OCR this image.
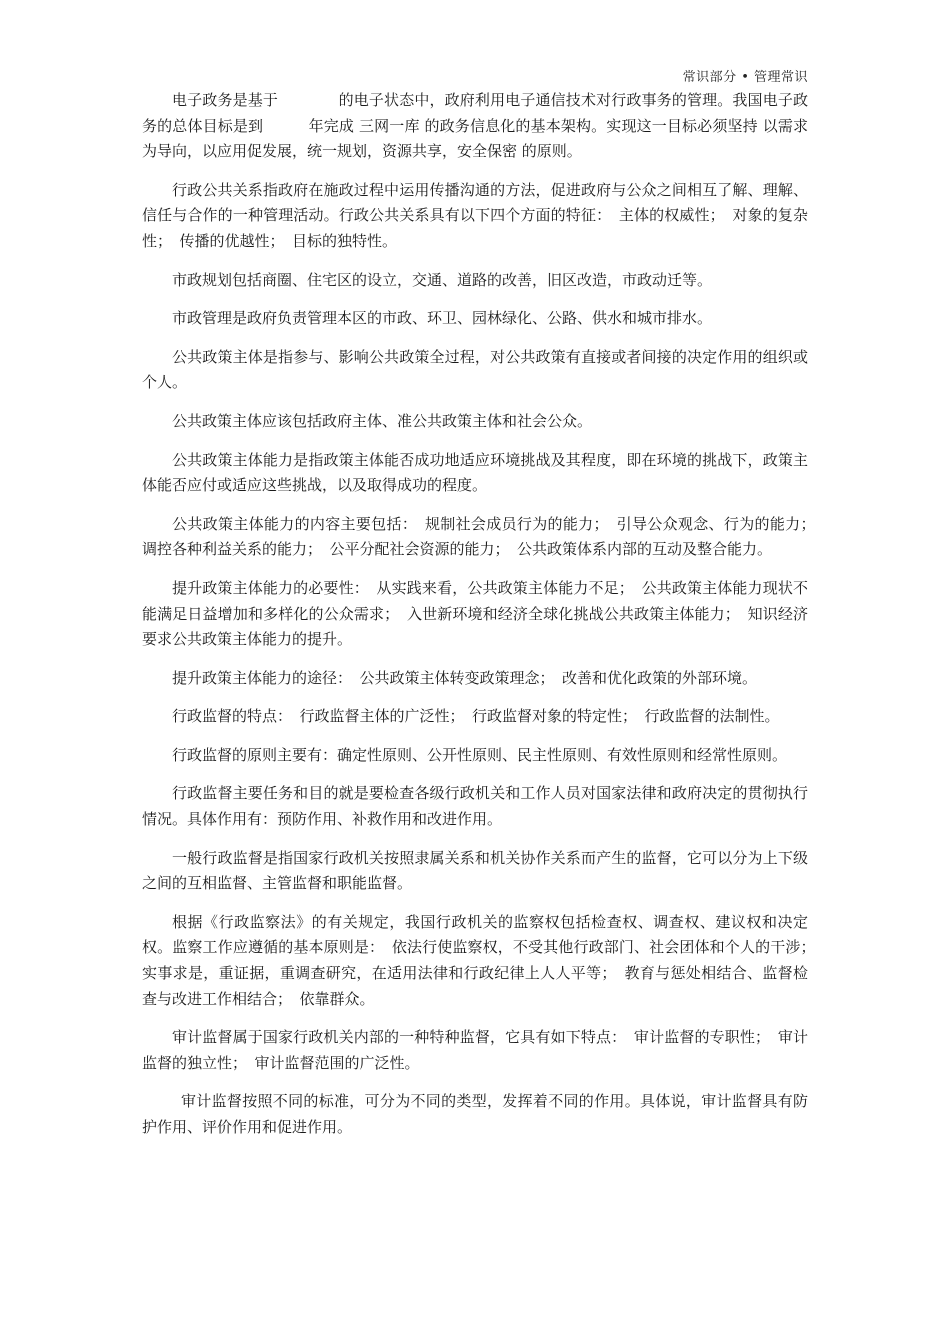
常识部分 • 管理常识

电子政务是基于　　　　的电子状态中，政府利用电子通信技术对行政事务的管理。我国电子政务的总体目标是到　　　年完成 三网一库 的政务信息化的基本架构。实现这一目标必须坚持 以需求为导向，以应用促发展，统一规划，资源共享，安全保密 的原则。

行政公共关系指政府在施政过程中运用传播沟通的方法，促进政府与公众之间相互了解、理解、信任与合作的一种管理活动。行政公共关系具有以下四个方面的特征：　主体的权威性；　对象的复杂性；　传播的优越性；　目标的独特性。

市政规划包括商圈、住宅区的设立，交通、道路的改善，旧区改造，市政动迁等。

市政管理是政府负责管理本区的市政、环卫、园林绿化、公路、供水和城市排水。

公共政策主体是指参与、影响公共政策全过程，对公共政策有直接或者间接的决定作用的组织或个人。

公共政策主体应该包括政府主体、准公共政策主体和社会公众。

公共政策主体能力是指政策主体能否成功地适应环境挑战及其程度，即在环境的挑战下，政策主体能否应付或适应这些挑战，以及取得成功的程度。

公共政策主体能力的内容主要包括：　规制社会成员行为的能力；　引导公众观念、行为的能力；　调控各种利益关系的能力；　公平分配社会资源的能力；　公共政策体系内部的互动及整合能力。

提升政策主体能力的必要性：　从实践来看，公共政策主体能力不足；　公共政策主体能力现状不能满足日益增加和多样化的公众需求；　入世新环境和经济全球化挑战公共政策主体能力；　知识经济要求公共政策主体能力的提升。

提升政策主体能力的途径：　公共政策主体转变政策理念；　改善和优化政策的外部环境。

行政监督的特点：　行政监督主体的广泛性；　行政监督对象的特定性；　行政监督的法制性。

行政监督的原则主要有：确定性原则、公开性原则、民主性原则、有效性原则和经常性原则。

行政监督主要任务和目的就是要检查各级行政机关和工作人员对国家法律和政府决定的贯彻执行情况。具体作用有：预防作用、补救作用和改进作用。

一般行政监督是指国家行政机关按照隶属关系和机关协作关系而产生的监督，它可以分为上下级之间的互相监督、主管监督和职能监督。

根据《行政监察法》的有关规定，我国行政机关的监察权包括检查权、调查权、建议权和决定权。监察工作应遵循的基本原则是：　依法行使监察权，不受其他行政部门、社会团体和个人的干涉；　实事求是，重证据，重调查研究，在适用法律和行政纪律上人人平等；　教育与惩处相结合、监督检查与改进工作相结合；　依靠群众。

审计监督属于国家行政机关内部的一种特种监督，它具有如下特点：　审计监督的专职性；　审计监督的独立性；　审计监督范围的广泛性。

审计监督按照不同的标准，可分为不同的类型，发挥着不同的作用。具体说，审计监督具有防护作用、评价作用和促进作用。
